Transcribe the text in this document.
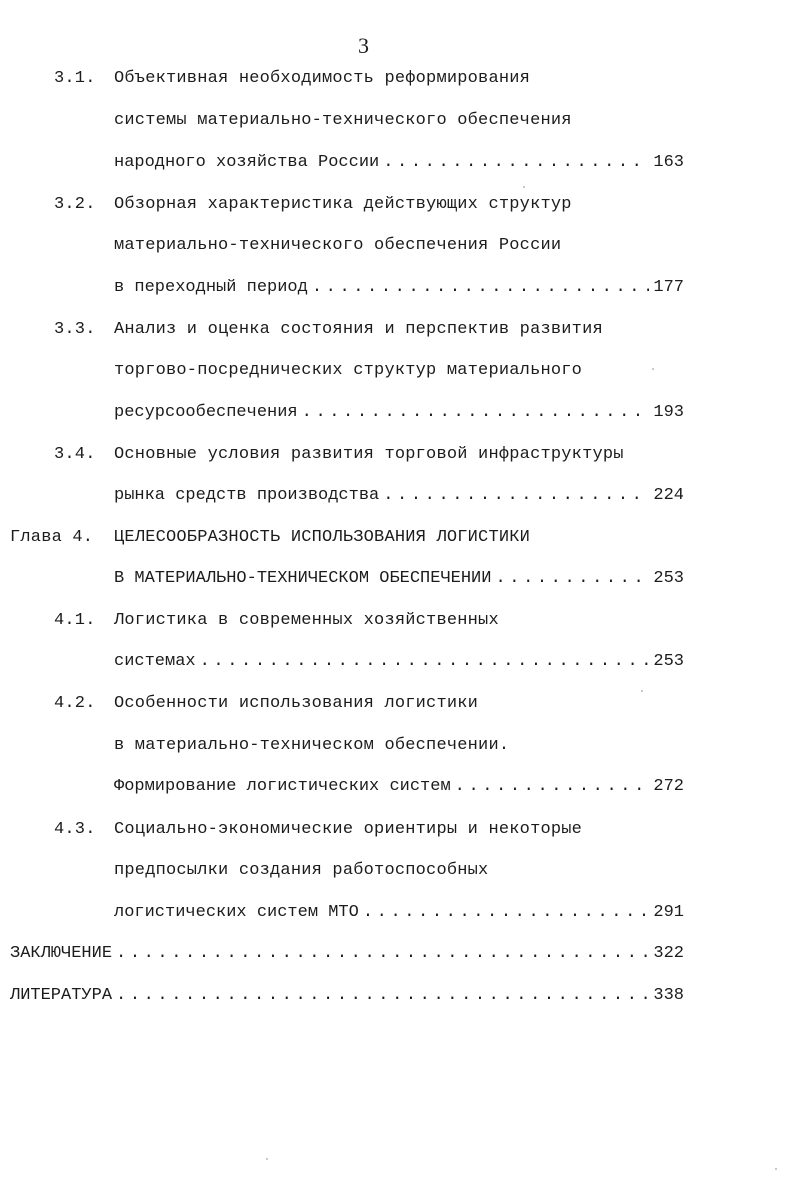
3
3.1. Объективная необходимость реформирования
системы материально-технического обеспечения
народного хозяйства России .....	163
3.2. Обзорная характеристика действующих структур
материально-технического обеспечения России
в переходный период .....	177
3.3. Анализ и оценка состояния и перспектив развития
торгово-посреднических структур материального
ресурсообеспечения .....	193
3.4. Основные условия развития торговой инфраструктуры
рынка средств производства .....	224
Глава 4. ЦЕЛЕСООБРАЗНОСТЬ ИСПОЛЬЗОВАНИЯ ЛОГИСТИКИ
В МАТЕРИАЛЬНО-ТЕХНИЧЕСКОМ ОБЕСПЕЧЕНИИ .....	253
4.1. Логистика в современных хозяйственных
системах .....	253
4.2. Особенности использования логистики
в материально-техническом обеспечении.
Формирование логистических систем .....	272
4.3. Социально-экономические ориентиры и некоторые
предпосылки создания работоспособных
логистических систем МТО .....	291
ЗАКЛЮЧЕНИЕ .....	322
ЛИТЕРАТУРА .....	338
